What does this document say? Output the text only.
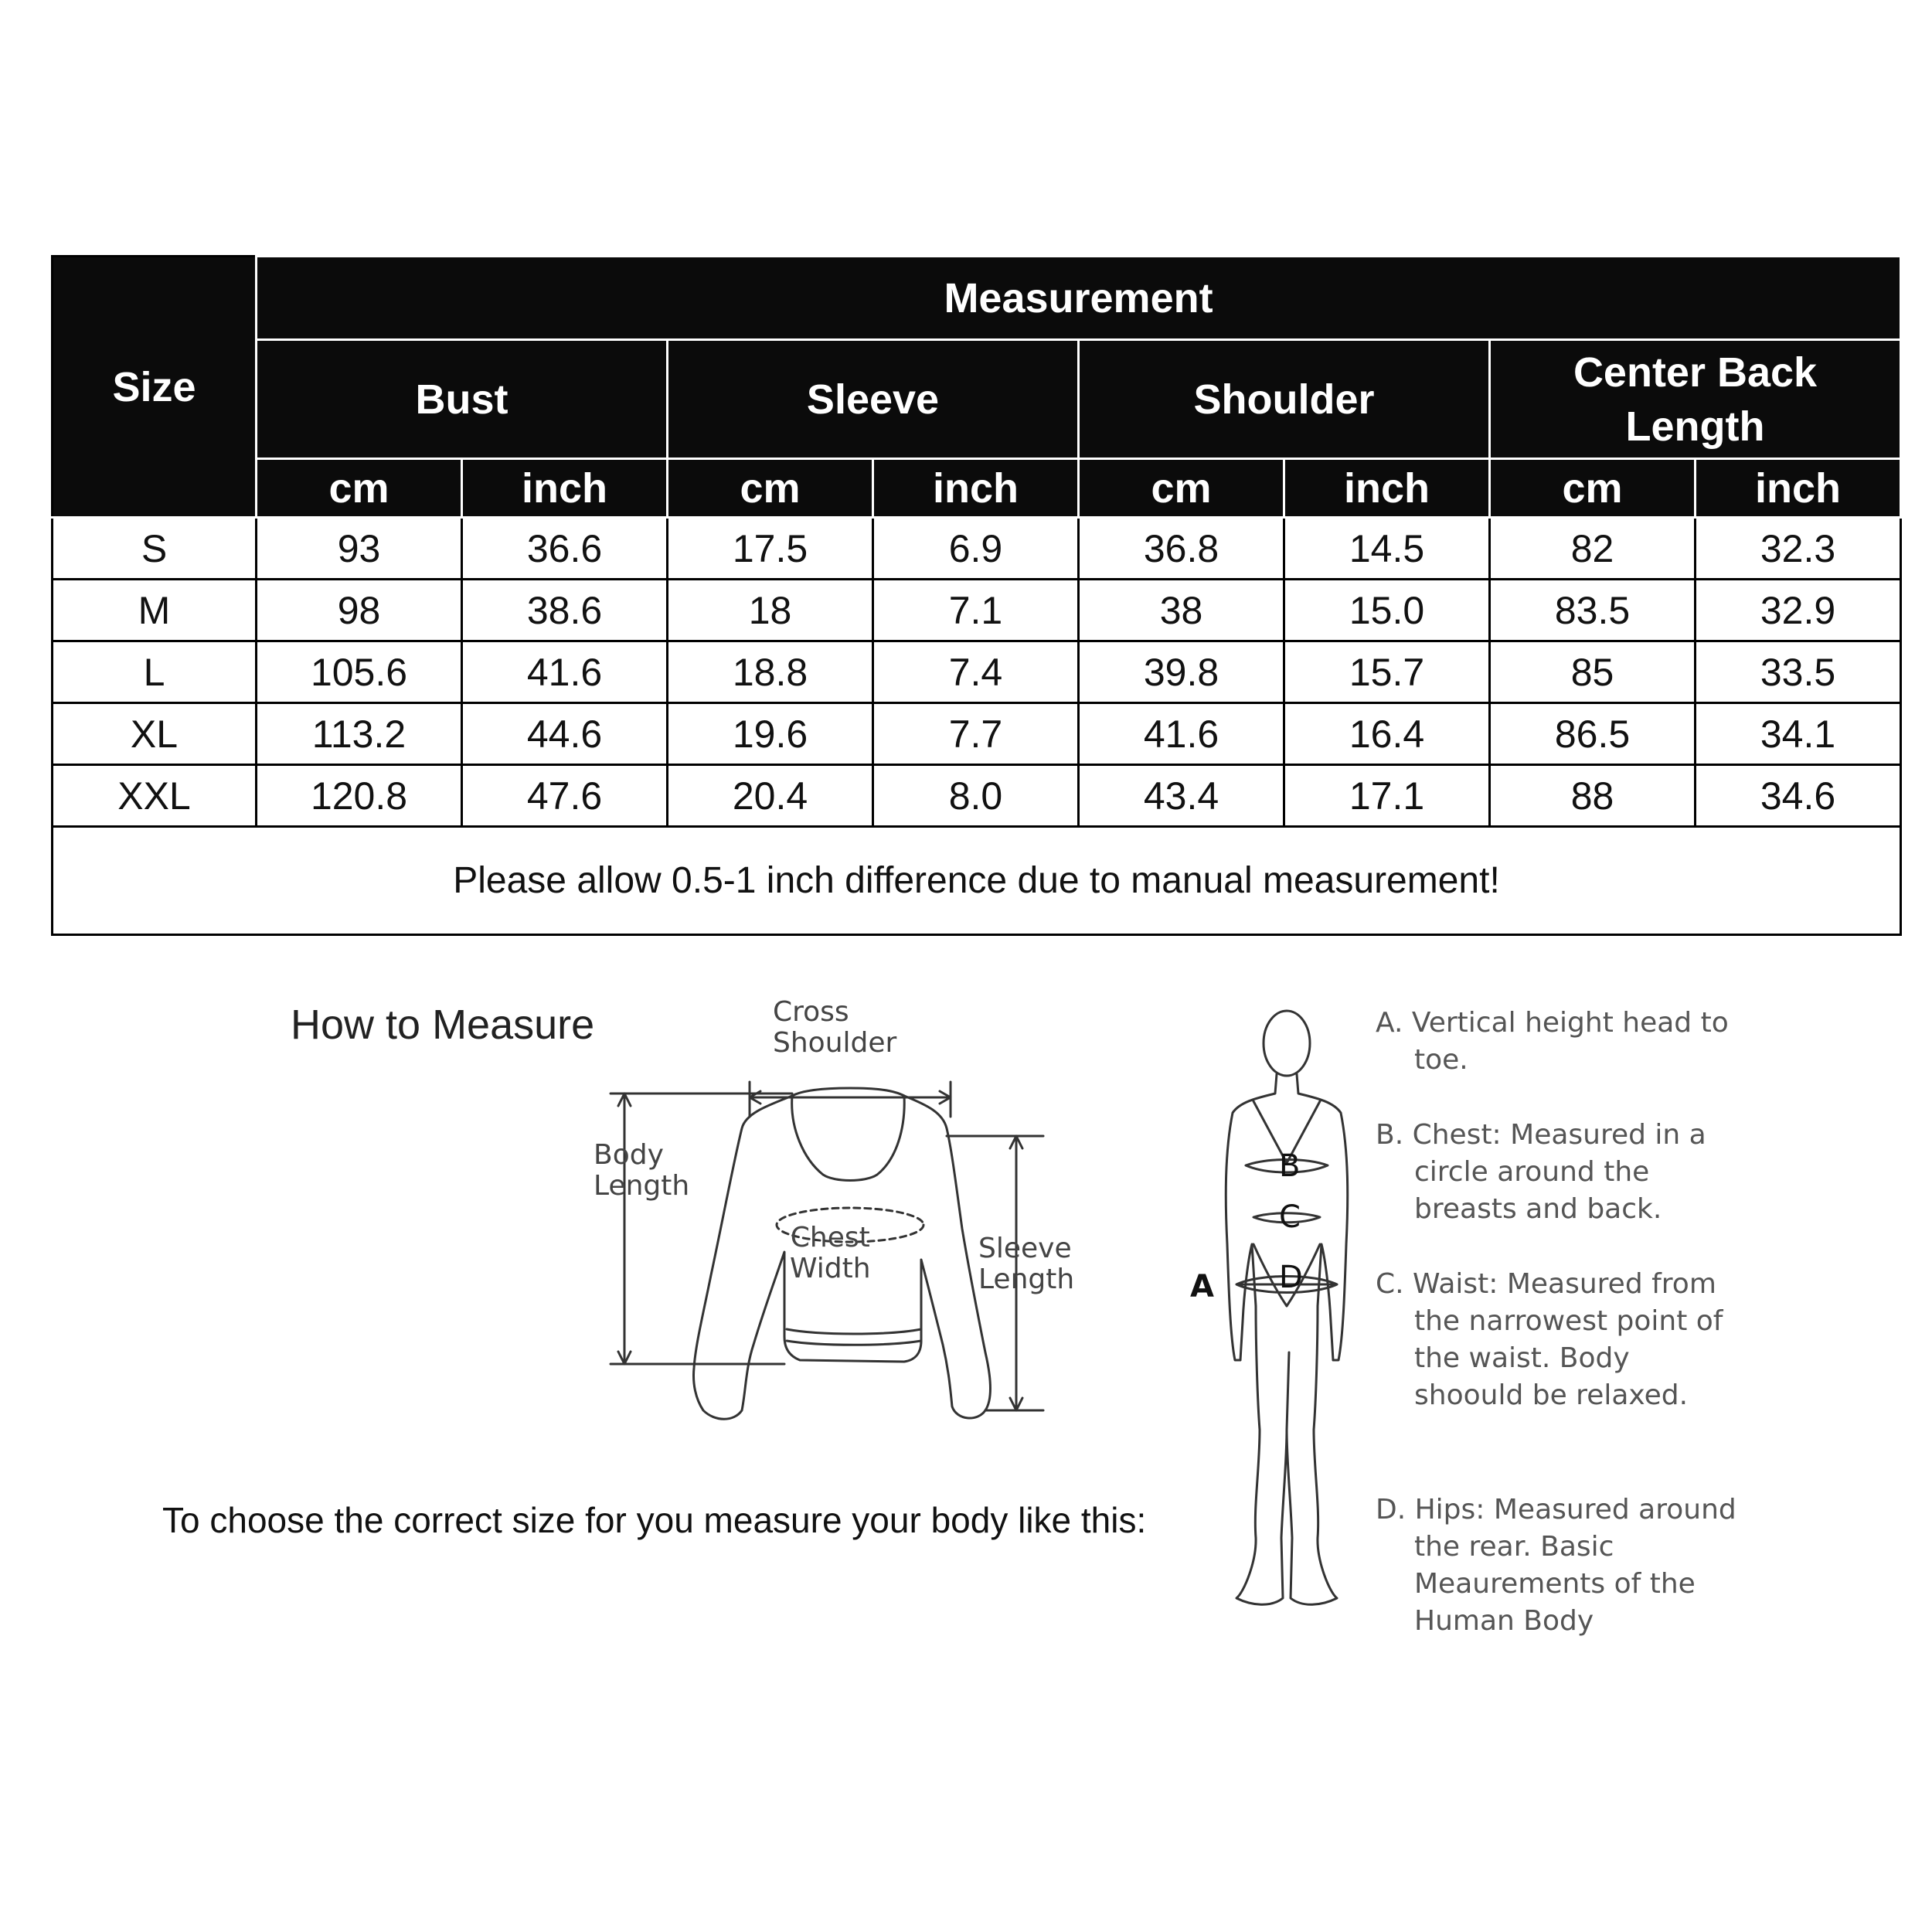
Size	Measurement							
	Bust		Sleeve		Shoulder		Center Back Length	
	cm	inch	cm	inch	cm	inch	cm	inch
S	93	36.6	17.5	6.9	36.8	14.5	82	32.3
M	98	38.6	18	7.1	38	15.0	83.5	32.9
L	105.6	41.6	18.8	7.4	39.8	15.7	85	33.5
XL	113.2	44.6	19.6	7.7	41.6	16.4	86.5	34.1
XXL	120.8	47.6	20.4	8.0	43.4	17.1	88	34.6
Please allow 0.5-1 inch difference due to manual measurement!								
How to Measure	Cross
Shoulder
Body
Length
Chest
Width
Sleeve
Length
To choose the correct size for you measure your body like this:
B
C
D
A
A. Vertical height head to toe.
B. Chest: Measured in a circle around the breasts and back.
C. Waist: Measured from the narrowest point of the waist. Body shoould be relaxed.
D. Hips: Measured around the rear. Basic Meaurements of the Human Body
